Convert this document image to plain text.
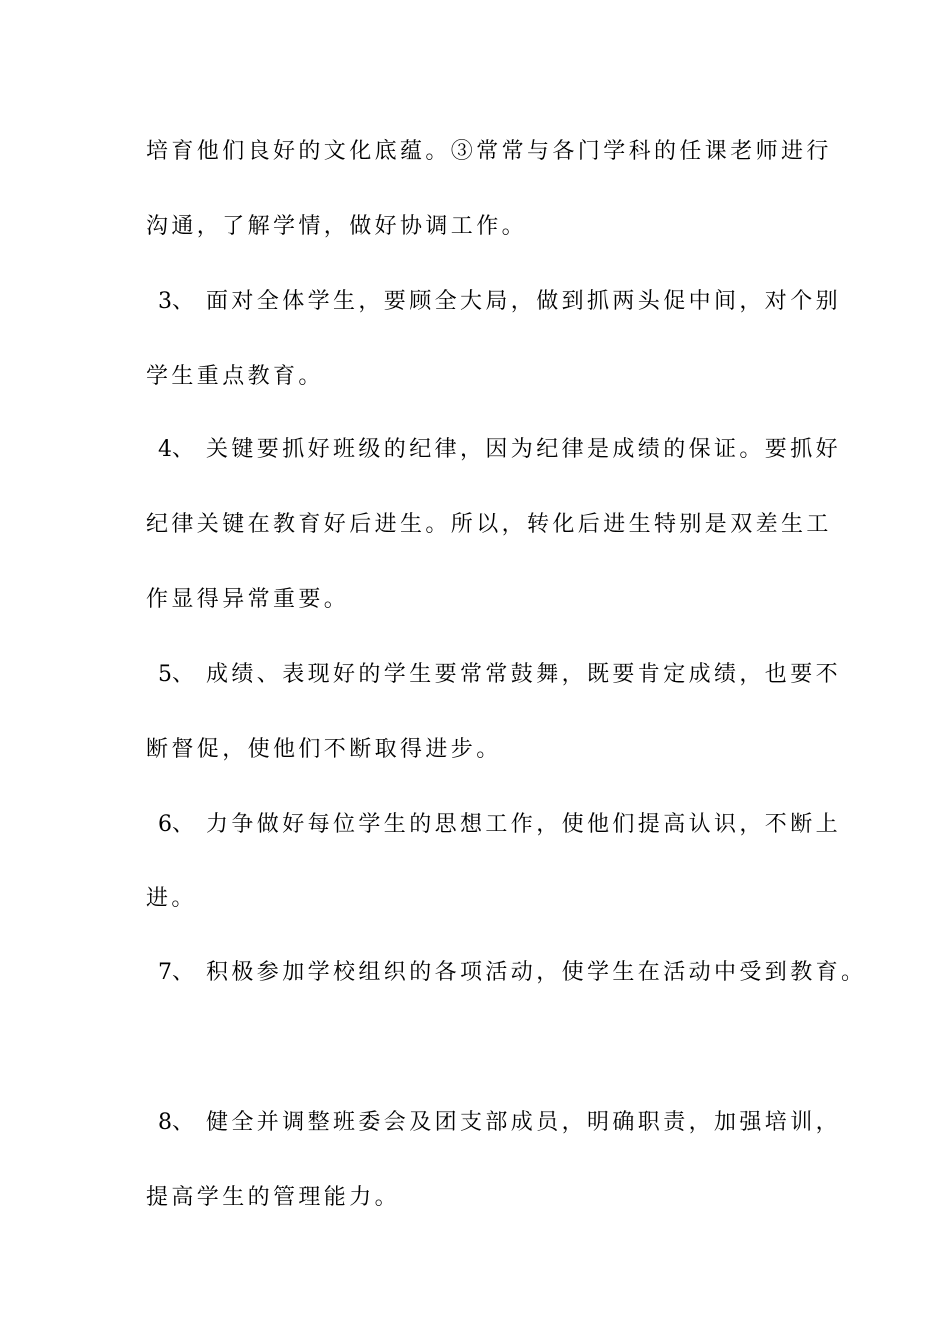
培育他们良好的文化底蕴。③常常与各门学科的任课老师进行
沟通，了解学情，做好协调工作。
3、 面对全体学生，要顾全大局，做到抓两头促中间，对个别
学生重点教育。
4、 关键要抓好班级的纪律，因为纪律是成绩的保证。要抓好
纪律关键在教育好后进生。所以，转化后进生特别是双差生工
作显得异常重要。
5、 成绩、表现好的学生要常常鼓舞，既要肯定成绩，也要不
断督促，使他们不断取得进步。
6、 力争做好每位学生的思想工作，使他们提高认识，不断上
进。
7、 积极参加学校组织的各项活动，使学生在活动中受到教育。
8、 健全并调整班委会及团支部成员，明确职责，加强培训，
提高学生的管理能力。
